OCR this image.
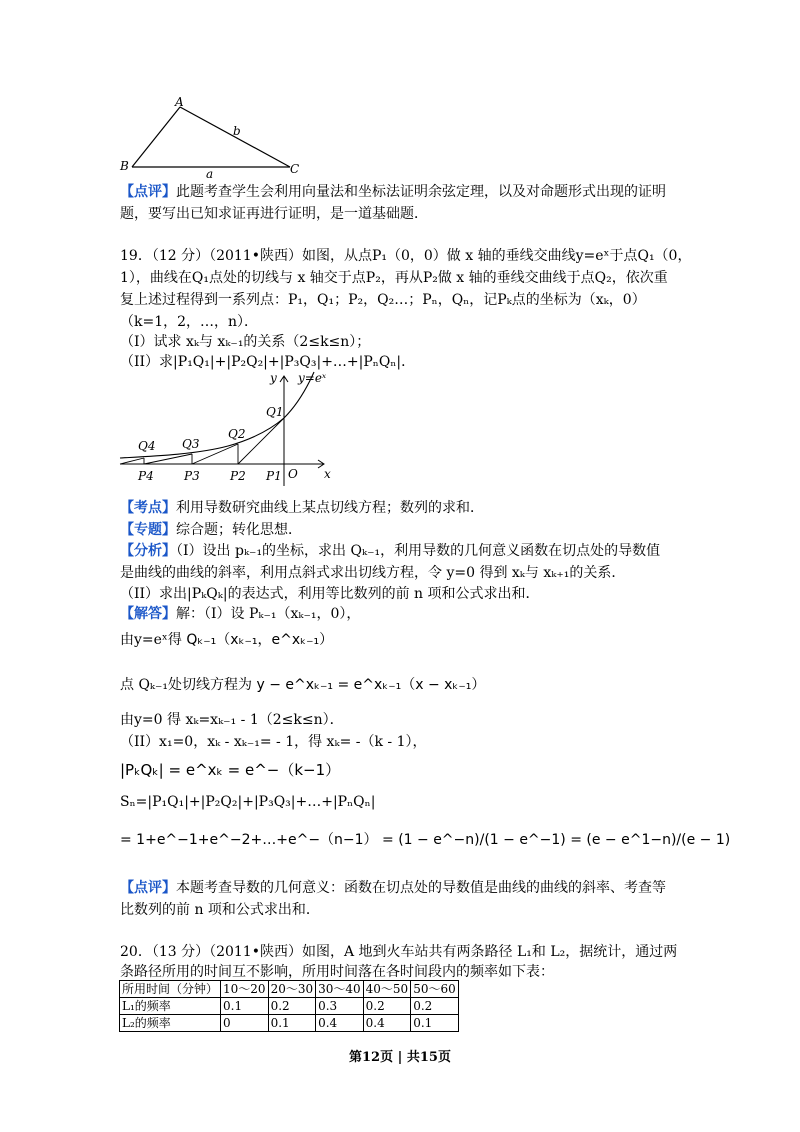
A
B	C
b
a
【点评】此题考查学生会利用向量法和坐标法证明余弦定理，以及对命题形式出现的证明
题，要写出已知求证再进行证明，是一道基础题．
19．（12 分）（2011•陕西）如图，从点P₁（0，0）做 x 轴的垂线交曲线y=eˣ于点Q₁（0，
1），曲线在Q₁点处的切线与 x 轴交于点P₂，再从P₂做 x 轴的垂线交曲线于点Q₂，依次重
复上述过程得到一系列点：P₁，Q₁；P₂，Q₂…；Pₙ，Qₙ，记Pₖ点的坐标为（xₖ，0）
（k=1，2，…，n）．
（I）试求 xₖ与 xₖ₋₁的关系（2≤k≤n）；
（II）求|P₁Q₁|+|P₂Q₂|+|P₃Q₃|+…+|PₙQₙ|．
y=eˣ
y
x
O
Q1
Q2
Q3
Q4
P1
P2
P3
P4
【考点】利用导数研究曲线上某点切线方程；数列的求和．
【专题】综合题；转化思想．
【分析】（I）设出 pₖ₋₁的坐标，求出 Qₖ₋₁，利用导数的几何意义函数在切点处的导数值
是曲线的曲线的斜率，利用点斜式求出切线方程，令 y=0 得到 xₖ与 xₖ₊₁的关系．
（II）求出|PₖQₖ|的表达式，利用等比数列的前 n 项和公式求出和．
【解答】解：（I）设 Pₖ₋₁（xₖ₋₁，0），
由y=eˣ得 Qₖ₋₁（xₖ₋₁，e^xₖ₋₁）
点 Qₖ₋₁处切线方程为 y − e^xₖ₋₁ = e^xₖ₋₁（x − xₖ₋₁）
由y=0 得 xₖ=xₖ₋₁ - 1（2≤k≤n）．
（II）x₁=0，xₖ - xₖ₋₁= - 1，得 xₖ= -（k - 1），
|PₖQₖ| = e^xₖ = e^−（k−1）
Sₙ=|P₁Q₁|+|P₂Q₂|+|P₃Q₃|+…+|PₙQₙ|
= 1+e^−1+e^−2+…+e^−（n−1） = (1 − e^−n)/(1 − e^−1) = (e − e^1−n)/(e − 1)
【点评】本题考查导数的几何意义：函数在切点处的导数值是曲线的曲线的斜率、考查等
比数列的前 n 项和公式求出和．
20．（13 分）（2011•陕西）如图，A 地到火车站共有两条路径 L₁和 L₂，据统计，通过两
条路径所用的时间互不影响，所用时间落在各时间段内的频率如下表：
所用时间（分钟）	10～20	20～30	30～40	40～50	50～60
L₁的频率	0.1	0.2	0.3	0.2	0.2
L₂的频率	0	0.1	0.4	0.4	0.1
第12页 | 共15页
